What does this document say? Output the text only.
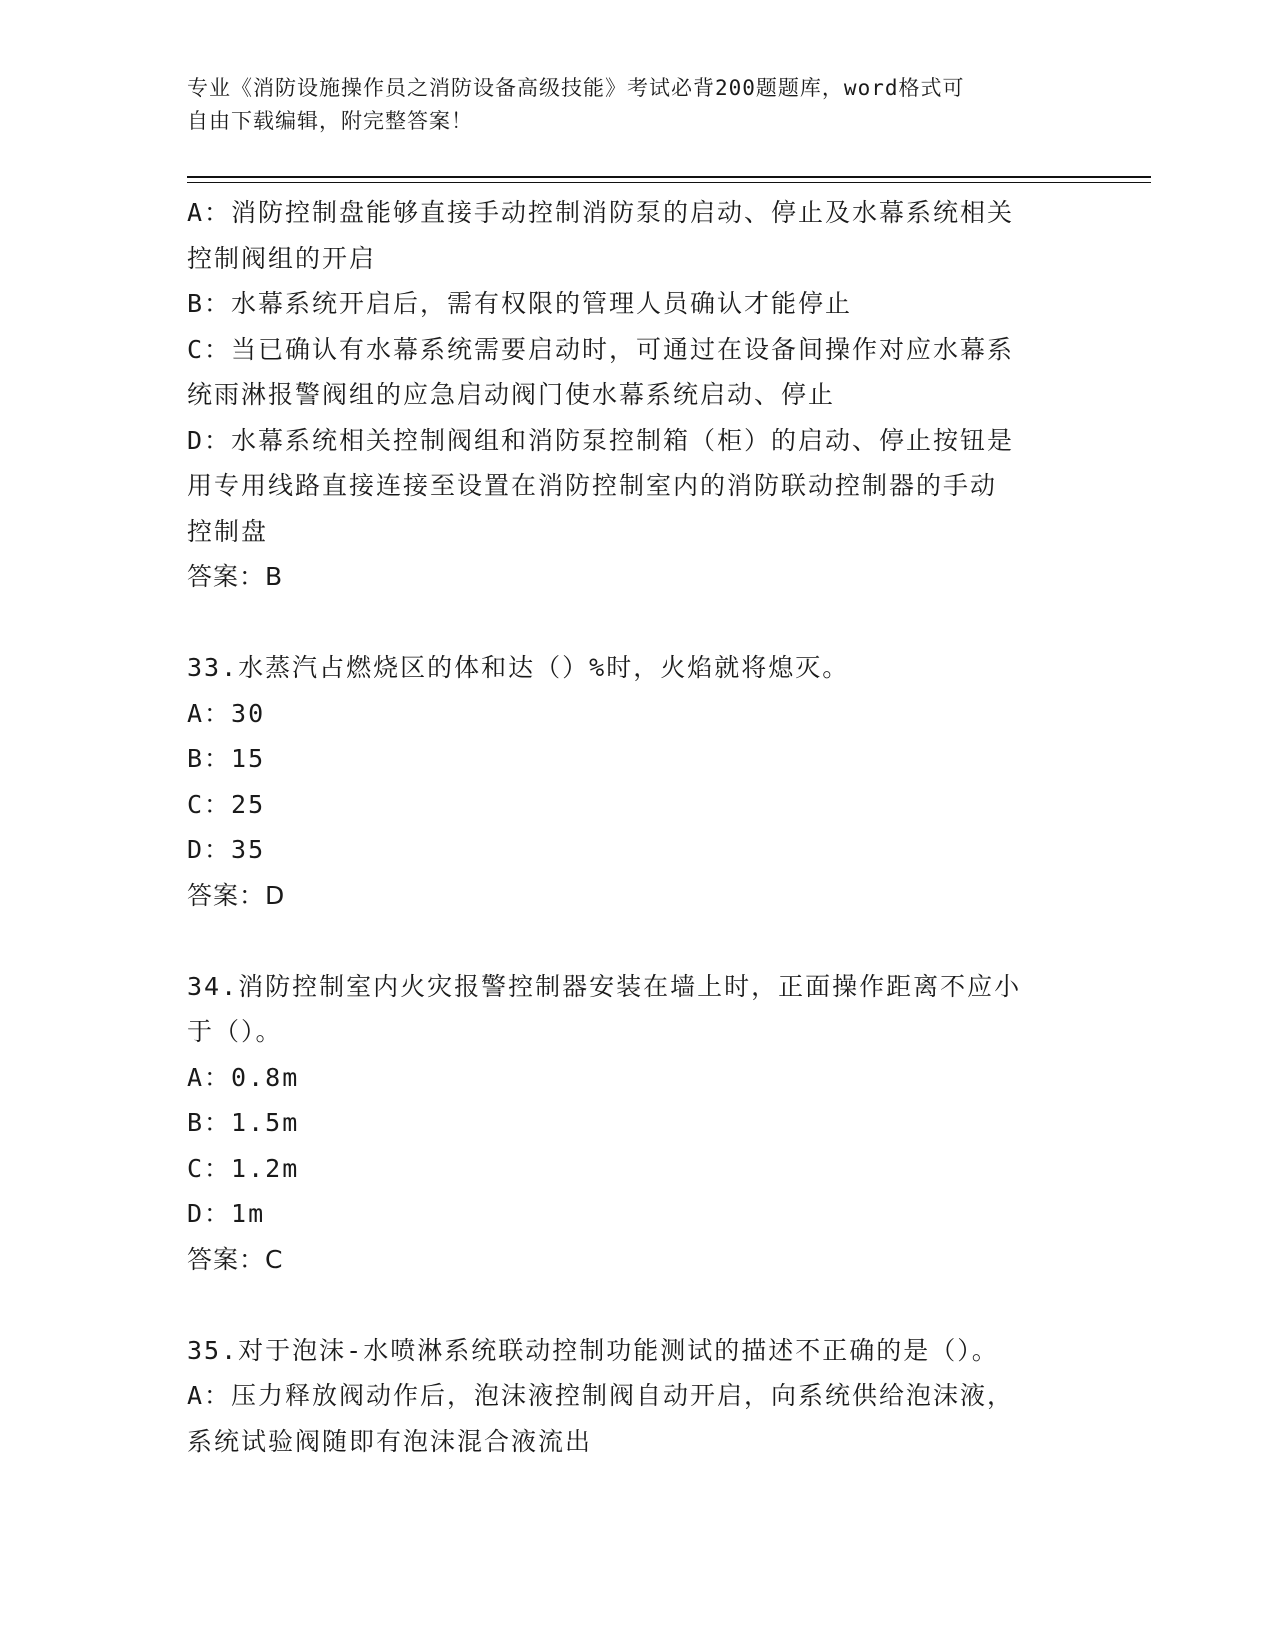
专业《消防设施操作员之消防设备高级技能》考试必背200题题库，word格式可
自由下载编辑，附完整答案！
A：消防控制盘能够直接手动控制消防泵的启动、停止及水幕系统相关
控制阀组的开启
B：水幕系统开启后，需有权限的管理人员确认才能停止
C：当已确认有水幕系统需要启动时，可通过在设备间操作对应水幕系
统雨淋报警阀组的应急启动阀门使水幕系统启动、停止
D：水幕系统相关控制阀组和消防泵控制箱（柜）的启动、停止按钮是
用专用线路直接连接至设置在消防控制室内的消防联动控制器的手动
控制盘
答案：B
33.水蒸汽占燃烧区的体和达（）%时，火焰就将熄灭。
A：30
B：15
C：25
D：35
答案：D
34.消防控制室内火灾报警控制器安装在墙上时，正面操作距离不应小
于（）。
A：0.8m
B：1.5m
C：1.2m
D：1m
答案：C
35.对于泡沫-水喷淋系统联动控制功能测试的描述不正确的是（）。
A：压力释放阀动作后，泡沫液控制阀自动开启，向系统供给泡沫液，
系统试验阀随即有泡沫混合液流出
